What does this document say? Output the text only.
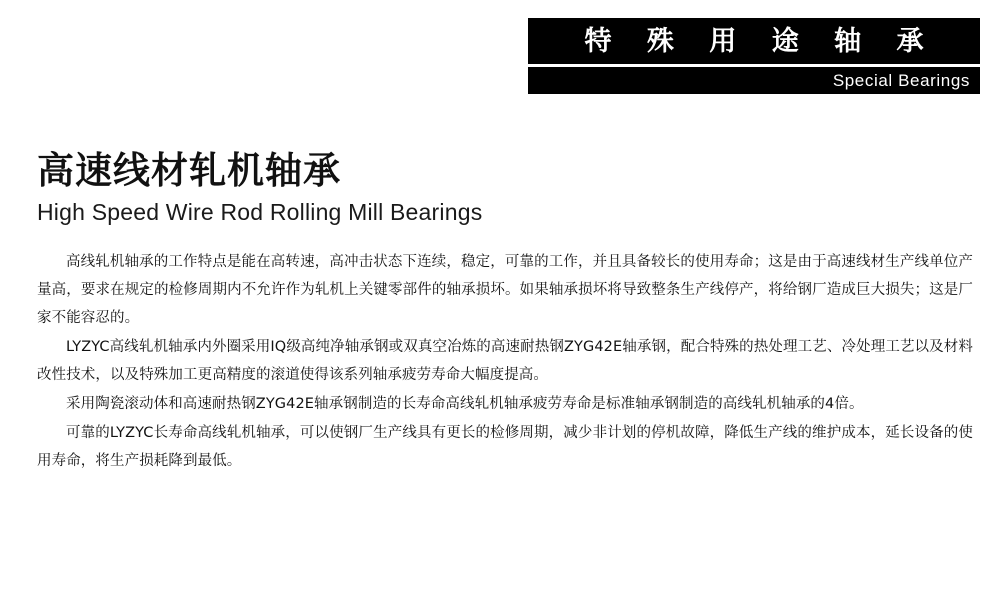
特 殊 用 途 轴 承
Special Bearings
高速线材轧机轴承
High Speed Wire Rod Rolling Mill Bearings

高线轧机轴承的工作特点是能在高转速，高冲击状态下连续，稳定，可靠的工作，并且具备较长的使用寿命；这是由于高速线材生产线单位产量高，要求在规定的检修周期内不允许作为轧机上关键零部件的轴承损坏。如果轴承损坏将导致整条生产线停产，将给钢厂造成巨大损失；这是厂家不能容忍的。

LYZYC高线轧机轴承内外圈采用IQ级高纯净轴承钢或双真空冶炼的高速耐热钢ZYG42E轴承钢，配合特殊的热处理工艺、冷处理工艺以及材料改性技术，以及特殊加工更高精度的滚道使得该系列轴承疲劳寿命大幅度提高。

采用陶瓷滚动体和高速耐热钢ZYG42E轴承钢制造的长寿命高线轧机轴承疲劳寿命是标准轴承钢制造的高线轧机轴承的4倍。

可靠的LYZYC长寿命高线轧机轴承，可以使钢厂生产线具有更长的检修周期，减少非计划的停机故障，降低生产线的维护成本，延长设备的使用寿命，将生产损耗降到最低。
